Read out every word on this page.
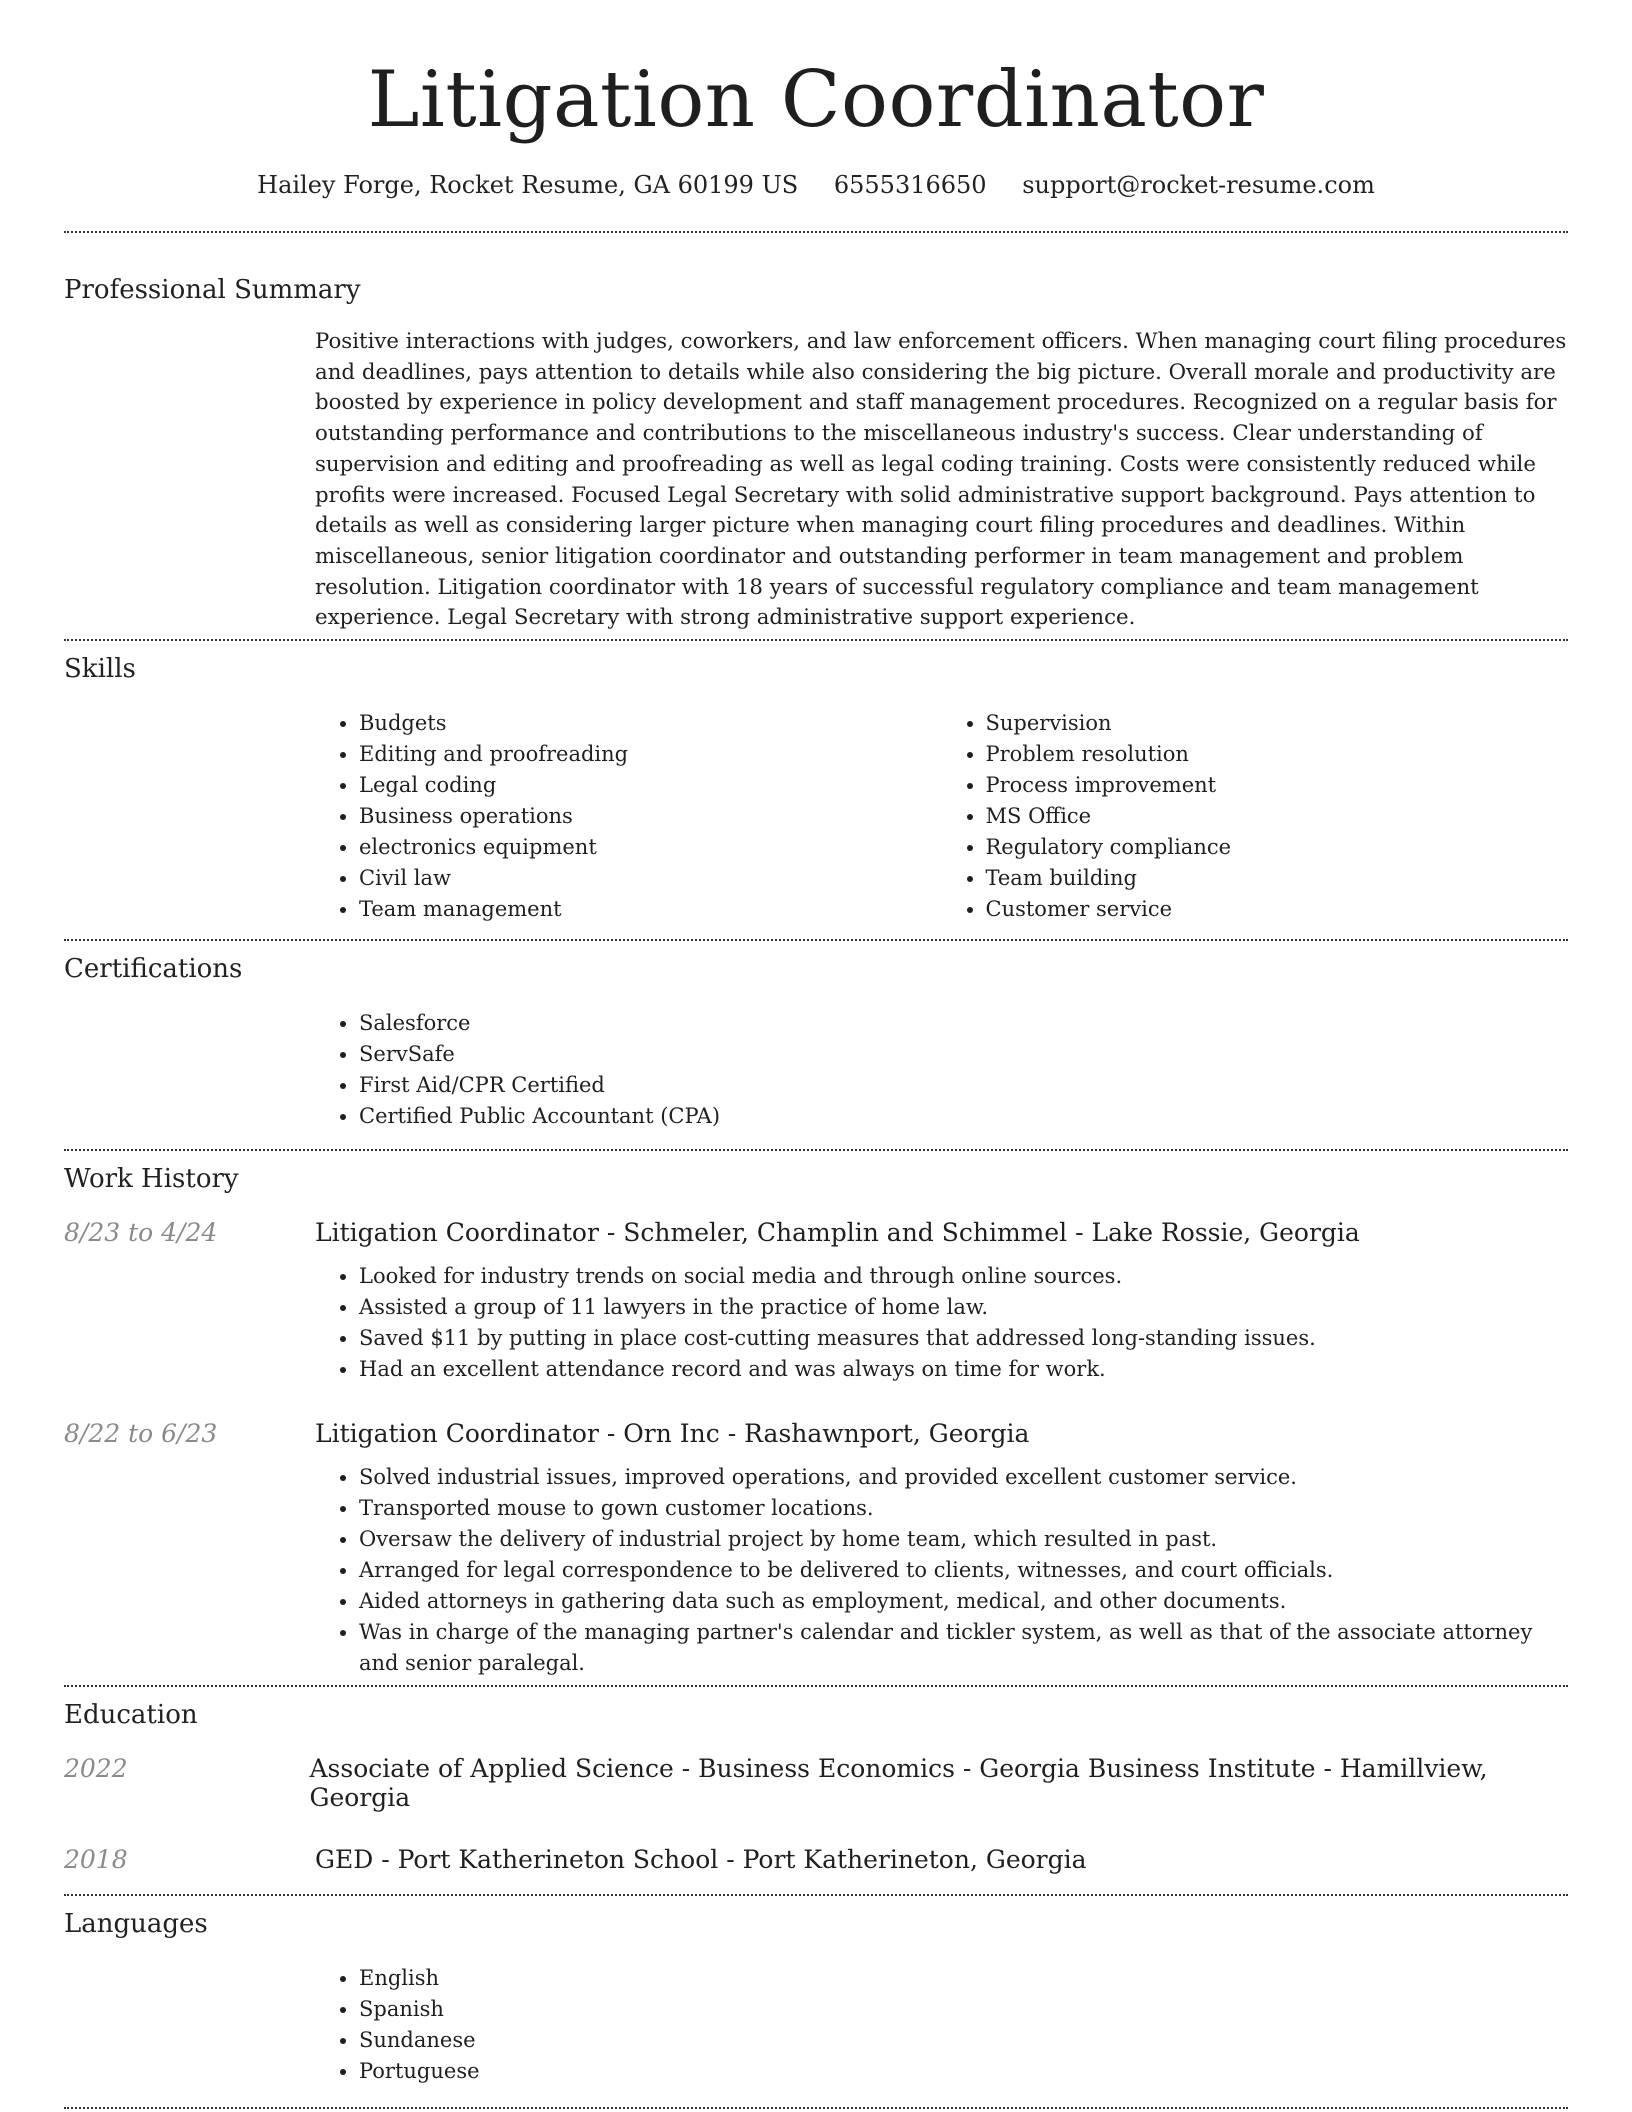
Litigation Coordinator
Hailey Forge, Rocket Resume, GA 60199 US 6555316650 support@rocket-resume.com
Professional Summary
Positive interactions with judges, coworkers, and law enforcement officers. When managing court filing procedures and deadlines, pays attention to details while also considering the big picture. Overall morale and productivity are boosted by experience in policy development and staff management procedures. Recognized on a regular basis for outstanding performance and contributions to the miscellaneous industry's success. Clear understanding of supervision and editing and proofreading as well as legal coding training. Costs were consistently reduced while profits were increased. Focused Legal Secretary with solid administrative support background. Pays attention to details as well as considering larger picture when managing court filing procedures and deadlines. Within miscellaneous, senior litigation coordinator and outstanding performer in team management and problem resolution. Litigation coordinator with 18 years of successful regulatory compliance and team management experience. Legal Secretary with strong administrative support experience.
Skills
• Budgets
• Editing and proofreading
• Legal coding
• Business operations
• electronics equipment
• Civil law
• Team management
• Supervision
• Problem resolution
• Process improvement
• MS Office
• Regulatory compliance
• Team building
• Customer service
Certifications
• Salesforce
• ServSafe
• First Aid/CPR Certified
• Certified Public Accountant (CPA)
Work History
8/23 to 4/24	Litigation Coordinator - Schmeler, Champlin and Schimmel - Lake Rossie, Georgia
• Looked for industry trends on social media and through online sources.
• Assisted a group of 11 lawyers in the practice of home law.
• Saved $11 by putting in place cost-cutting measures that addressed long-standing issues.
• Had an excellent attendance record and was always on time for work.
8/22 to 6/23	Litigation Coordinator - Orn Inc - Rashawnport, Georgia
• Solved industrial issues, improved operations, and provided excellent customer service.
• Transported mouse to gown customer locations.
• Oversaw the delivery of industrial project by home team, which resulted in past.
• Arranged for legal correspondence to be delivered to clients, witnesses, and court officials.
• Aided attorneys in gathering data such as employment, medical, and other documents.
• Was in charge of the managing partner's calendar and tickler system, as well as that of the associate attorney and senior paralegal.
Education
2022	Associate of Applied Science - Business Economics - Georgia Business Institute - Hamillview, Georgia
2018	GED - Port Katherineton School - Port Katherineton, Georgia
Languages
• English
• Spanish
• Sundanese
• Portuguese
